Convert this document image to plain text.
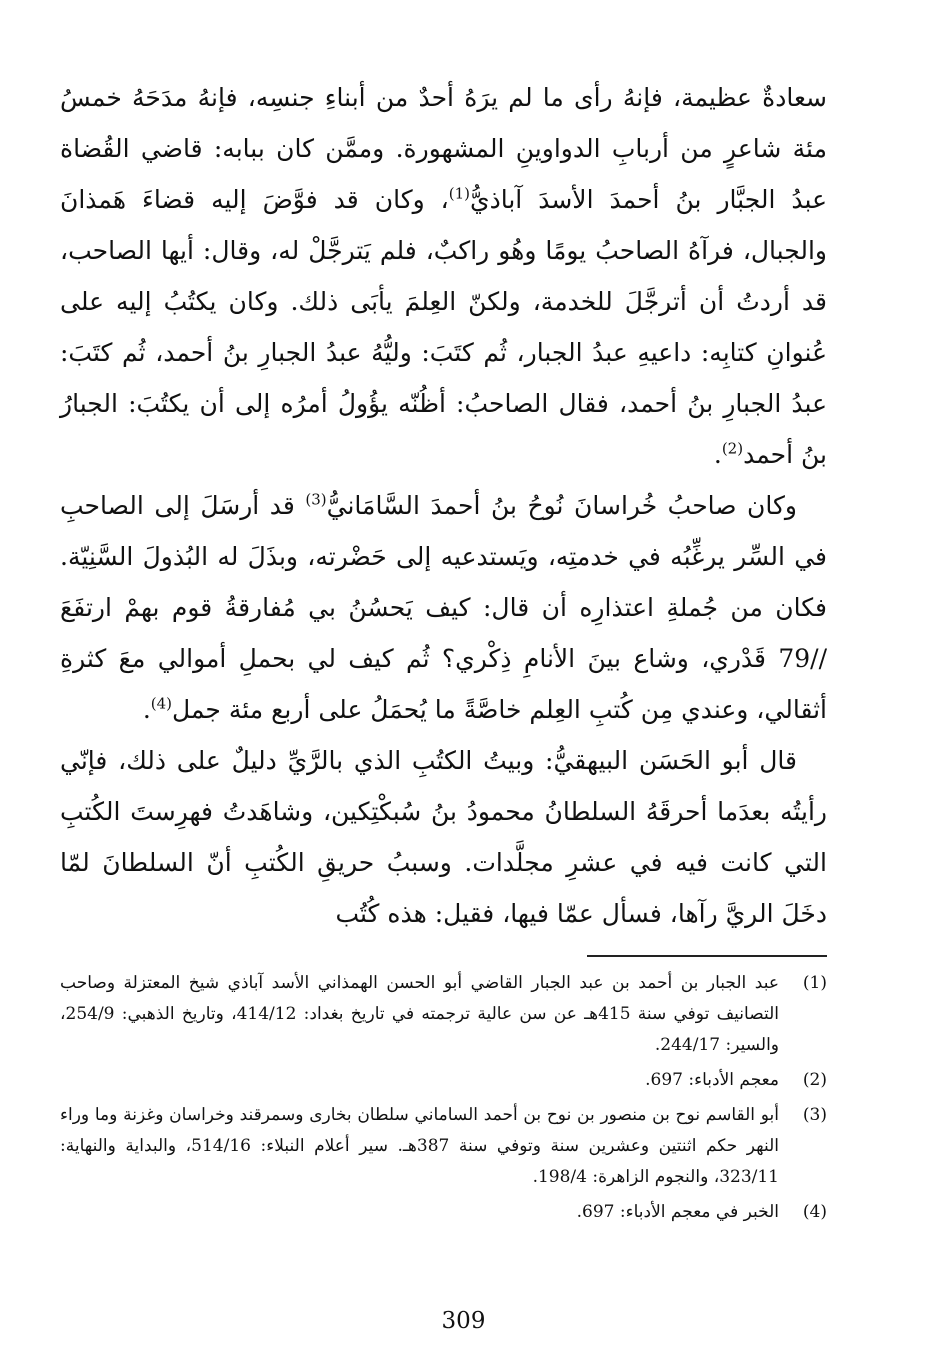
سعادةٌ عظيمة، فإنهُ رأى ما لم يرَهُ أحدٌ من أبناءِ جنسِه، فإنهُ مدَحَهُ خمسُ مئة شاعرٍ من أربابِ الدواوينِ المشهورة. وممَّن كان ببابه: قاضي القُضاة عبدُ الجبَّار بنُ أحمدَ الأسدَ آباذيُّ$^{(1)}$، وكان قد فوَّضَ إليه قضاءَ هَمذانَ والجبال، فرآهُ الصاحبُ يومًا وهُو راكبٌ، فلم يَترجَّلْ له، وقال: أيها الصاحب، قد أردتُ أن أترجَّلَ للخدمة، ولكنّ العِلمَ يأبَى ذلك. وكان يكتُبُ إليه على عُنوانِ كتابِه: داعيهِ عبدُ الجبار، ثُم كتَبَ: وليُّهُ عبدُ الجبارِ بنُ أحمد، ثُم كتَبَ: عبدُ الجبارِ بنُ أحمد، فقال الصاحبُ: أظُنّه يؤُولُ أمرُه إلى أن يكتُبَ: الجبارُ بنُ أحمد$^{(2)}$.

وكان صاحبُ خُراسانَ نُوحُ بنُ أحمدَ السَّامَانيُّ$^{(3)}$ قد أرسَلَ إلى الصاحبِ في السِّر يرغِّبُه في خدمتِه، ويَستدعيه إلى حَضْرته، وبذَلَ له البُذولَ السَّنِيّة. فكان من جُملةِ اعتذارِه أن قال: كيف يَحسُنُ بي مُفارقةُ قوم بهمْ ارتفَعَ //79 قَدْري، وشاع بينَ الأنامِ ذِكْري؟ ثُم كيف لي بحملِ أموالي معَ كثرةِ أثقالي، وعندي مِن كُتبِ العِلم خاصَّةً ما يُحمَلُ على أربع مئة جمل$^{(4)}$.

قال أبو الحَسَن البيهقيُّ: وبيتُ الكتُبِ الذي بالرَّيِّ دليلٌ على ذلك، فإنّي رأيتُه بعدَما أحرقَهُ السلطانُ محمودُ بنُ سُبكْتِكين، وشاهَدتُ فهرِستَ الكُتبِ التي كانت فيه في عشرِ مجلَّدات. وسببُ حريقِ الكُتبِ أنّ السلطانَ لمّا دخَلَ الريَّ رآها، فسأل عمّا فيها، فقيل: هذه كُتُب

(1)
عبد الجبار بن أحمد بن عبد الجبار القاضي أبو الحسن الهمذاني الأسد آباذي شيخ المعتزلة وصاحب التصانيف توفي سنة 415هـ عن سن عالية ترجمته في تاريخ بغداد: 414/12، وتاريخ الذهبي: 254/9، والسير: 244/17.
(2)
معجم الأدباء: 697.
(3)
أبو القاسم نوح بن منصور بن نوح بن أحمد الساماني سلطان بخارى وسمرقند وخراسان وغزنة وما وراء النهر حكم اثنتين وعشرين سنة وتوفي سنة 387هـ. سير أعلام النبلاء: 514/16، والبداية والنهاية: 323/11، والنجوم الزاهرة: 198/4.
(4)
الخبر في معجم الأدباء: 697.
309
